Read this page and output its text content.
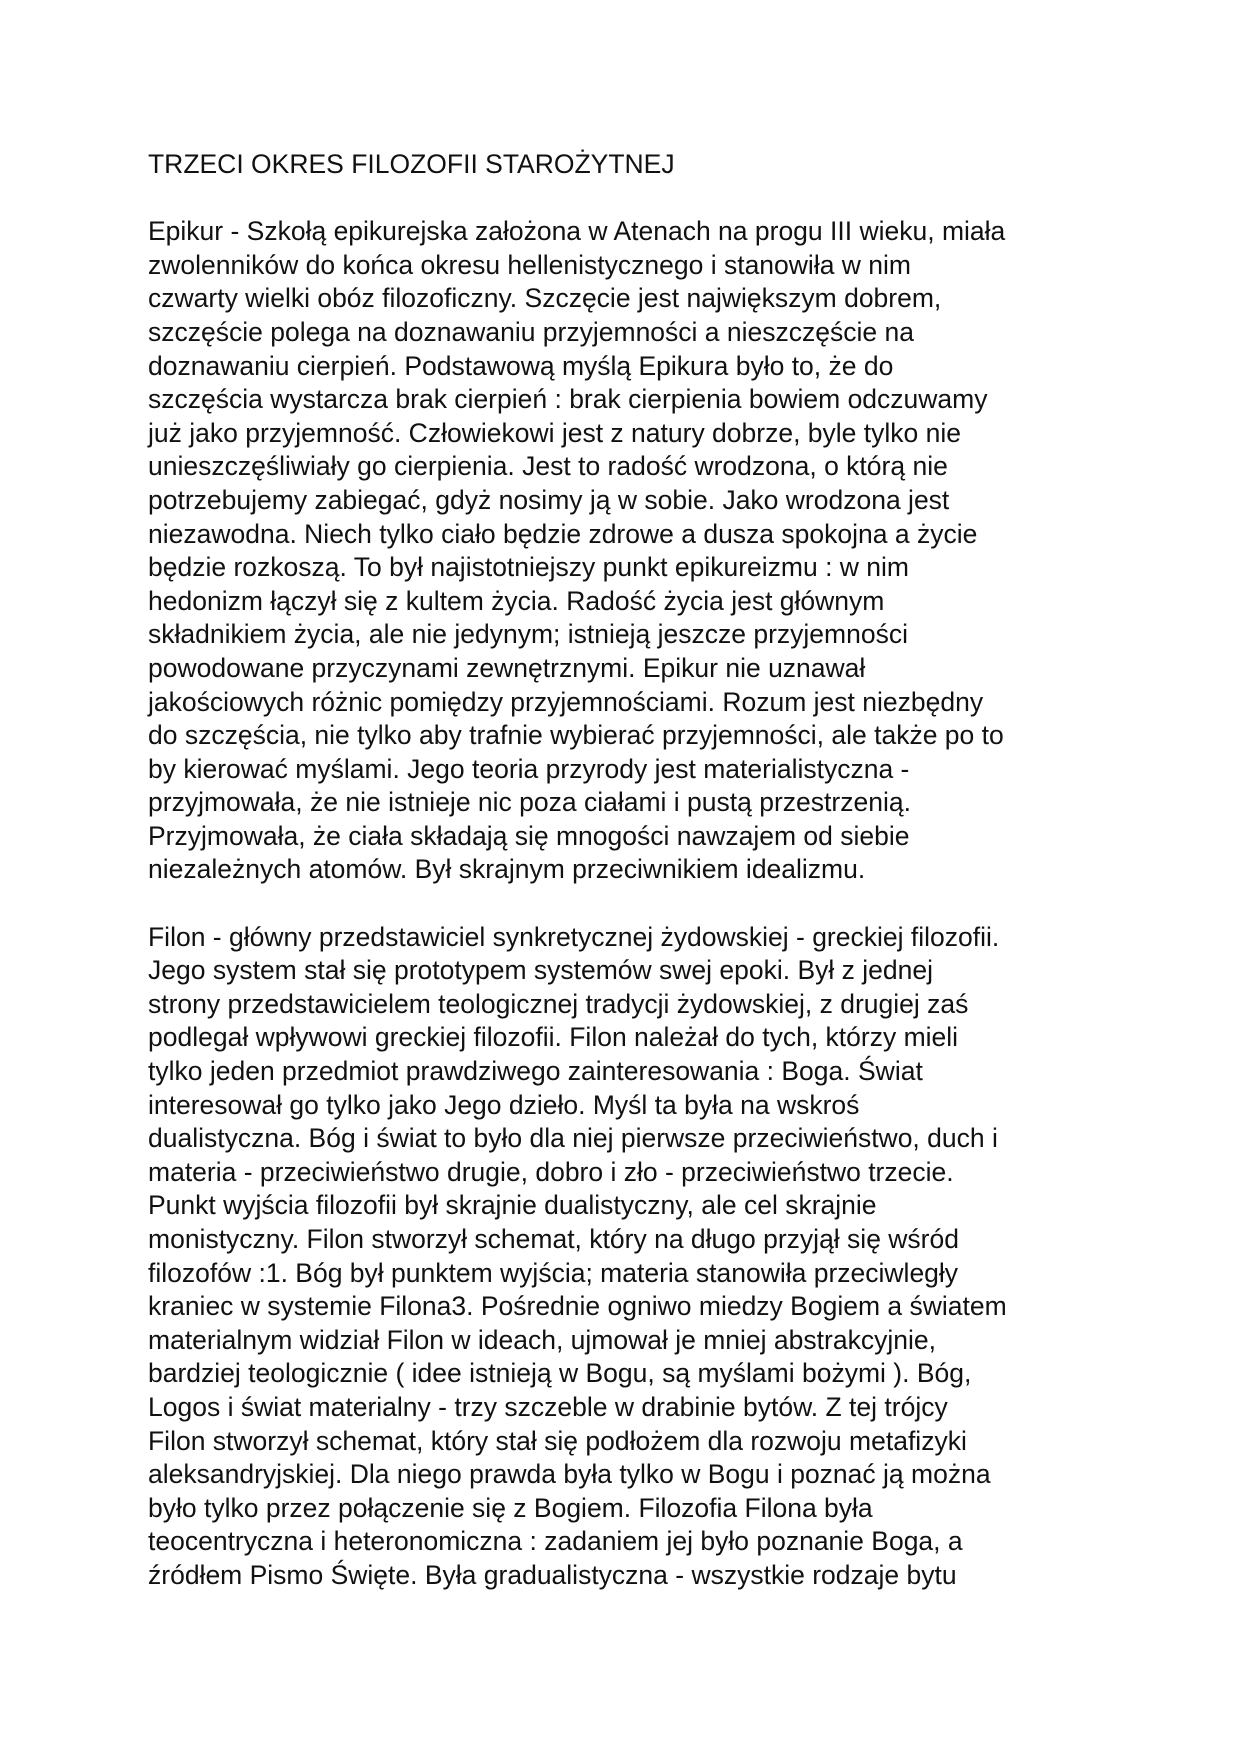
TRZECI OKRES FILOZOFII STAROŻYTNEJ
Epikur - Szkołą epikurejska założona w Atenach na progu III wieku, miała
zwolenników do końca okresu hellenistycznego i stanowiła w nim
czwarty wielki obóz filozoficzny. Szczęcie jest największym dobrem,
szczęście polega na doznawaniu przyjemności a nieszczęście na
doznawaniu cierpień. Podstawową myślą Epikura było to, że do
szczęścia wystarcza brak cierpień : brak cierpienia bowiem odczuwamy
już jako przyjemność. Człowiekowi jest z natury dobrze, byle tylko nie
unieszczęśliwiały go cierpienia. Jest to radość wrodzona, o którą nie
potrzebujemy zabiegać, gdyż nosimy ją w sobie. Jako wrodzona jest
niezawodna. Niech tylko ciało będzie zdrowe a dusza spokojna a życie
będzie rozkoszą. To był najistotniejszy punkt epikureizmu : w nim
hedonizm łączył się z kultem życia. Radość życia jest głównym
składnikiem życia, ale nie jedynym; istnieją jeszcze przyjemności
powodowane przyczynami zewnętrznymi. Epikur nie uznawał
jakościowych różnic pomiędzy przyjemnościami. Rozum jest niezbędny
do szczęścia, nie tylko aby trafnie wybierać przyjemności, ale także po to
by kierować myślami. Jego teoria przyrody jest materialistyczna -
przyjmowała, że nie istnieje nic poza ciałami i pustą przestrzenią.
Przyjmowała, że ciała składają się mnogości nawzajem od siebie
niezależnych atomów. Był skrajnym przeciwnikiem idealizmu.
Filon - główny przedstawiciel synkretycznej żydowskiej - greckiej filozofii.
Jego system stał się prototypem systemów swej epoki. Był z jednej
strony przedstawicielem teologicznej tradycji żydowskiej, z drugiej zaś
podlegał wpływowi greckiej filozofii. Filon należał do tych, którzy mieli
tylko jeden przedmiot prawdziwego zainteresowania : Boga. Świat
interesował go tylko jako Jego dzieło. Myśl ta była na wskroś
dualistyczna. Bóg i świat to było dla niej pierwsze przeciwieństwo, duch i
materia - przeciwieństwo drugie, dobro i zło - przeciwieństwo trzecie.
Punkt wyjścia filozofii był skrajnie dualistyczny, ale cel skrajnie
monistyczny. Filon stworzył schemat, który na długo przyjął się wśród
filozofów :1. Bóg był punktem wyjścia; materia stanowiła przeciwległy
kraniec w systemie Filona3. Pośrednie ogniwo miedzy Bogiem a światem
materialnym widział Filon w ideach, ujmował je mniej abstrakcyjnie,
bardziej teologicznie ( idee istnieją w Bogu, są myślami bożymi ). Bóg,
Logos i świat materialny - trzy szczeble w drabinie bytów. Z tej trójcy
Filon stworzył schemat, który stał się podłożem dla rozwoju metafizyki
aleksandryjskiej. Dla niego prawda była tylko w Bogu i poznać ją można
było tylko przez połączenie się z Bogiem. Filozofia Filona była
teocentryczna i heteronomiczna : zadaniem jej było poznanie Boga, a
źródłem Pismo Święte. Była gradualistyczna - wszystkie rodzaje bytu
